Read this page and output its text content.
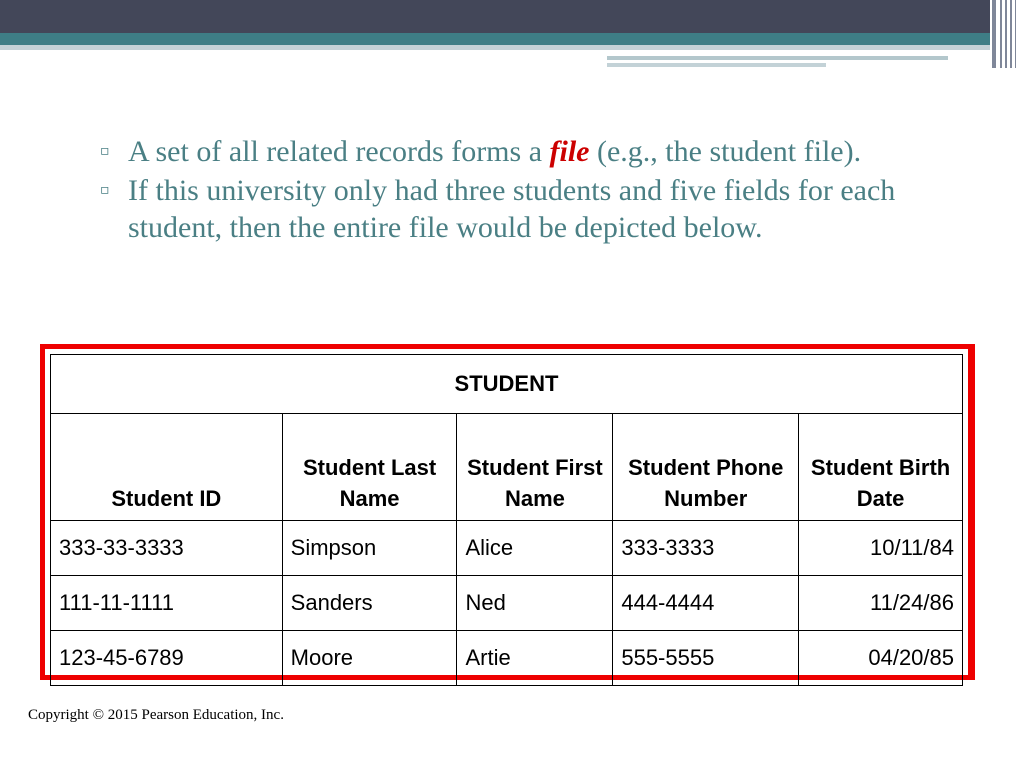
▫ A set of all related records forms a file (e.g., the student file).
▫ If this university only had three students and five fields for each student, then the entire file would be depicted below.
STUDENT				
Student ID	Student Last Name	Student First Name	Student Phone Number	Student Birth Date
333-33-3333	Simpson	Alice	333-3333	10/11/84
111-11-1111	Sanders	Ned	444-4444	11/24/86
123-45-6789	Moore	Artie	555-5555	04/20/85
Copyright © 2015 Pearson Education, Inc.
